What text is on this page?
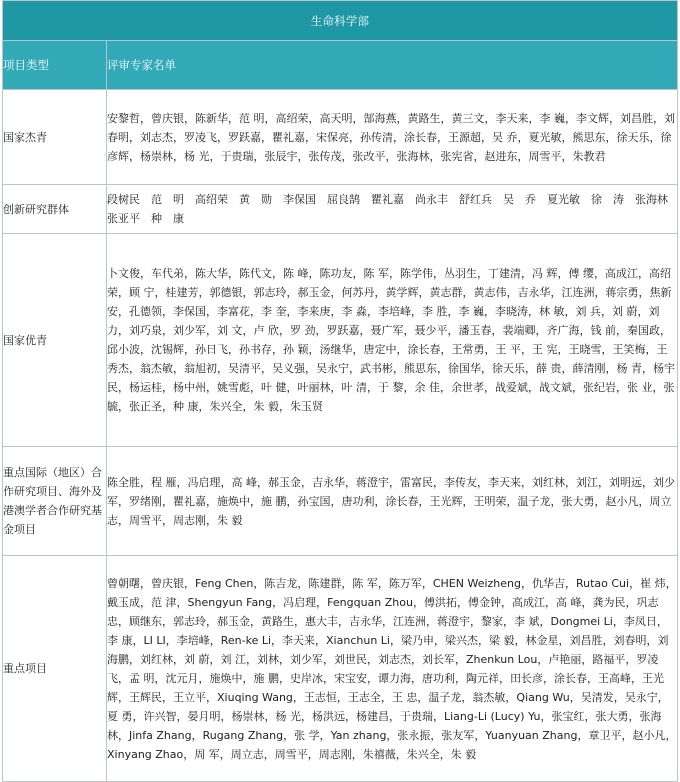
生命科学部	
项目类型	评审专家名单
国家杰青	安黎哲，曾庆银，陈新华，范 明，高绍荣，高天明，郜海燕，黄路生，黄三文，李天来，李 巍，李文辉，刘昌胜，刘春明，刘志杰，罗凌飞，罗跃嘉，瞿礼嘉，宋保亮，孙传清，涂长春，王源超，吴 乔，夏光敏，熊思东，徐天乐，徐彦辉，杨崇林，杨 光，于贵瑞，张辰宇，张传茂，张改平，张海林，张宪省，赵进东，周雪平，朱教君
创新研究群体	段树民　范　明　高绍荣　黄　勋　李保国　屈良鹄　瞿礼嘉　尚永丰　舒红兵　吴　乔　夏光敏　徐　涛　张海林　张亚平　种　康
国家优青	卜文俊，车代弟，陈大华，陈代文，陈 峰，陈功友，陈 军，陈学伟，丛羽生，丁建清，冯 辉，傅 缨，高成江，高绍荣，顾 宁，桂建芳，郭德银，郭志玲，郝玉金，何苏丹，黄学辉，黄志群，黄志伟，吉永华，江连洲，蒋宗勇，焦新安，孔德领，李保国，李富花，李 奎，李来庚，李 淼，李培峰，李 胜，李 巍，李晓涛，林 敏，刘 兵，刘 蔚，刘 力，刘巧泉，刘少军，刘 文，卢 欣，罗 劲，罗跃嘉，聂广军，聂少平，潘玉春，裴端卿，齐广海，钱 前，秦国政，邱小波，沈锡辉，孙日飞，孙书存，孙 颖，汤继华，唐定中，涂长春，王常勇，王 平，王 宪，王晓雪，王笑梅，王秀杰，翁杰敏，翁旭初，吴清平，吴义强，吴永宁，武书彬，熊思东，徐国华，徐天乐，薛 贵，薛清刚，杨 青，杨宇民，杨运桂，杨中州，姚雪彪，叶 健，叶丽林，叶 清，于 黎，余 佳，余世孝，战爱斌，战文斌，张纪岩，张 业，张 毓，张正圣，种 康，朱兴全，朱 毅，朱玉贤
重点国际（地区）合作研究项目、海外及港澳学者合作研究基金项目	陈全胜，程 雁，冯启理，高 峰，郝玉金，吉永华，蒋澄宇，雷富民，李传友，李天来，刘红林，刘江，刘明远，刘少军，罗绪刚，瞿礼嘉，施焕中，施 鹏，孙宝国，唐功利，涂长春，王光辉，王明荣，温子龙，张大勇，赵小凡，周立志，周雪平，周志刚，朱 毅
重点项目	曾朝曙，曾庆银，Feng Chen，陈吉龙，陈建群，陈 军，陈万军，CHEN Weizheng，仇华吉，Rutao Cui，崔 炜，戴玉成，范 津，Shengyun Fang，冯启理，Fengquan Zhou，傅洪拓，傅金钟，高成江，高 峰，龚为民，巩志忠，顾继东，郭志玲，郝玉金，黄路生，惠大丰，吉永华，江连洲，蒋澄宇，黎家，李 斌，Dongmei Li，李凤日，李 康，LI LI，李培峰，Ren-ke Li，李天来，Xianchun Li，梁乃申，梁兴杰，梁 毅，林金星，刘昌胜，刘春明，刘海鹏，刘红林，刘 蔚，刘 江，刘林，刘少军，刘世民，刘志杰，刘长军，Zhenkun Lou，卢艳丽，路福平，罗凌飞，孟 明，沈元月，施焕中，施 鹏，史岸冰，宋宝安，谭力海，唐功利，陶元祥，田长彦，涂长春，王高峰，王光辉，王辉民，王立平，Xiuqing Wang，王志恒，王志全，王 忠，温子龙，翁杰敏，Qiang Wu，吴清发，吴永宁，夏 勇，许兴智，晏月明，杨崇林，杨 光，杨洪远，杨建昌，于贵瑞，Liang-Li (Lucy) Yu，张宝红，张大勇，张海林，Jinfa Zhang，Rugang Zhang，张 学，Yan zhang，张永振，张友军，Yuanyuan Zhang，章卫平，赵小凡，Xinyang Zhao，周 军，周立志，周雪平，周志刚，朱禧薇，朱兴全，朱 毅
